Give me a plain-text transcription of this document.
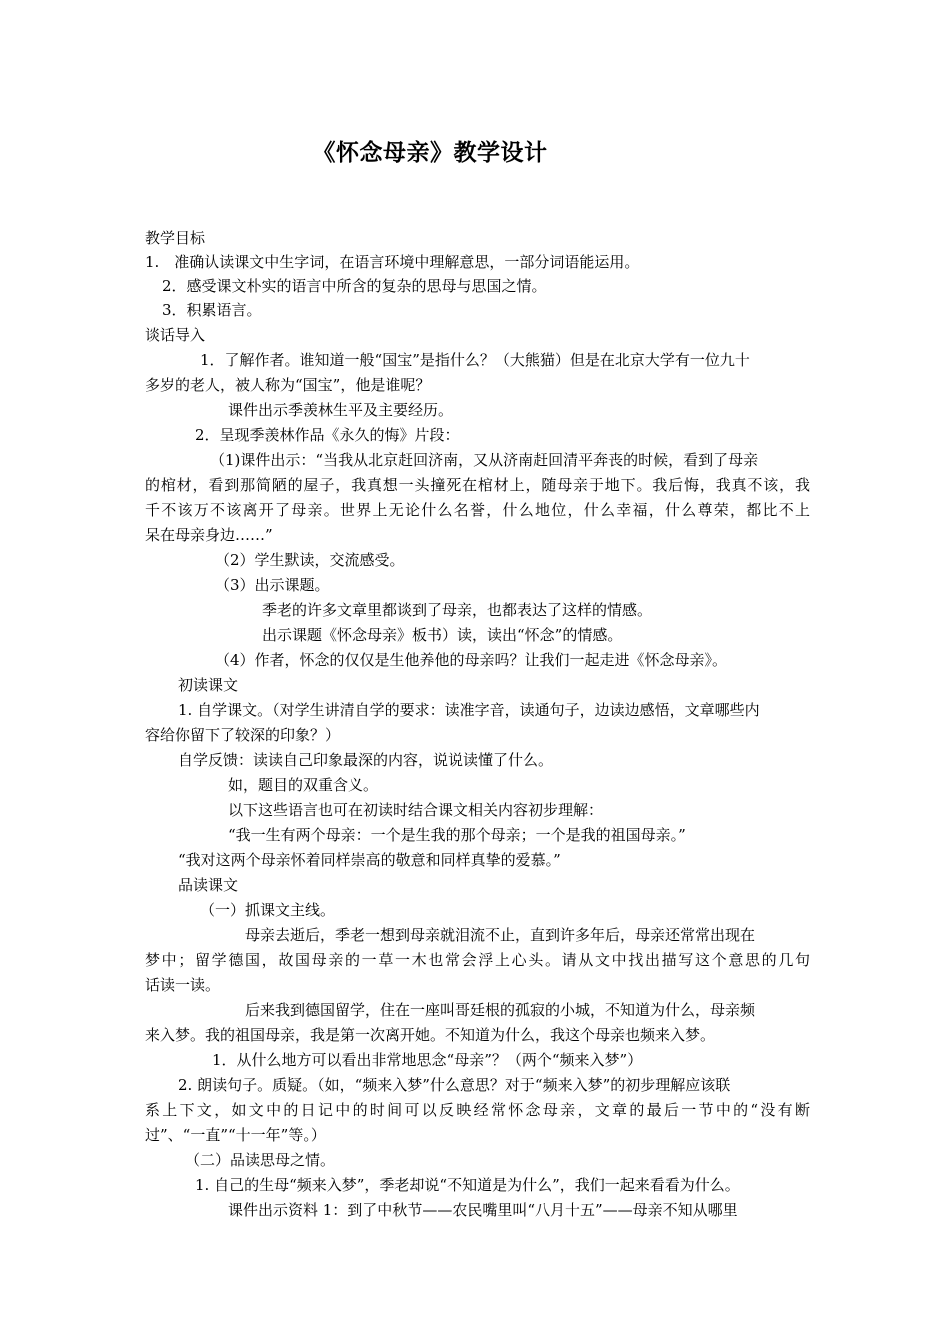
《怀念母亲》教学设计
教学目标
1.　准确认读课文中生字词，在语言环境中理解意思，一部分词语能运用。
2．感受课文朴实的语言中所含的复杂的思母与思国之情。
3．积累语言。
谈话导入
1．了解作者。谁知道一般“国宝”是指什么？（大熊猫）但是在北京大学有一位九十
多岁的老人，被人称为“国宝”，他是谁呢？
课件出示季羡林生平及主要经历。
2．呈现季羡林作品《永久的悔》片段：
（1)课件出示：“当我从北京赶回济南，又从济南赶回清平奔丧的时候，看到了母亲
的棺材，看到那简陋的屋子，我真想一头撞死在棺材上，随母亲于地下。我后悔，我真不该，我
千不该万不该离开了母亲。世界上无论什么名誉，什么地位，什么幸福，什么尊荣，都比不上
呆在母亲身边……”
（2）学生默读，交流感受。
（3）出示课题。
季老的许多文章里都谈到了母亲，也都表达了这样的情感。
出示课题《怀念母亲》板书）读，读出“怀念”的情感。
（4）作者，怀念的仅仅是生他养他的母亲吗？让我们一起走进《怀念母亲》。
初读课文
1. 自学课文。（对学生讲清自学的要求：读准字音，读通句子，边读边感悟，文章哪些内
容给你留下了较深的印象？）
自学反馈：读读自己印象最深的内容，说说读懂了什么。
如，题目的双重含义。
以下这些语言也可在初读时结合课文相关内容初步理解：
“我一生有两个母亲：一个是生我的那个母亲；一个是我的祖国母亲。”
“我对这两个母亲怀着同样崇高的敬意和同样真挚的爱慕。”
品读课文
（一）抓课文主线。
母亲去逝后，季老一想到母亲就泪流不止，直到许多年后，母亲还常常出现在
梦中；留学德国，故国母亲的一草一木也常会浮上心头。请从文中找出描写这个意思的几句
话读一读。
后来我到德国留学，住在一座叫哥廷根的孤寂的小城，不知道为什么，母亲频
来入梦。我的祖国母亲，我是第一次离开她。不知道为什么，我这个母亲也频来入梦。
1．从什么地方可以看出非常地思念“母亲”？（两个“频来入梦”）
2. 朗读句子。质疑。（如，“频来入梦”什么意思？对于“频来入梦”的初步理解应该联
系上下文，如文中的日记中的时间可以反映经常怀念母亲，文章的最后一节中的“没有断
过”、“一直”“十一年”等。）
（二）品读思母之情。
1. 自己的生母“频来入梦”，季老却说“不知道是为什么”，我们一起来看看为什么。
课件出示资料 1：到了中秋节——农民嘴里叫“八月十五”——母亲不知从哪里
